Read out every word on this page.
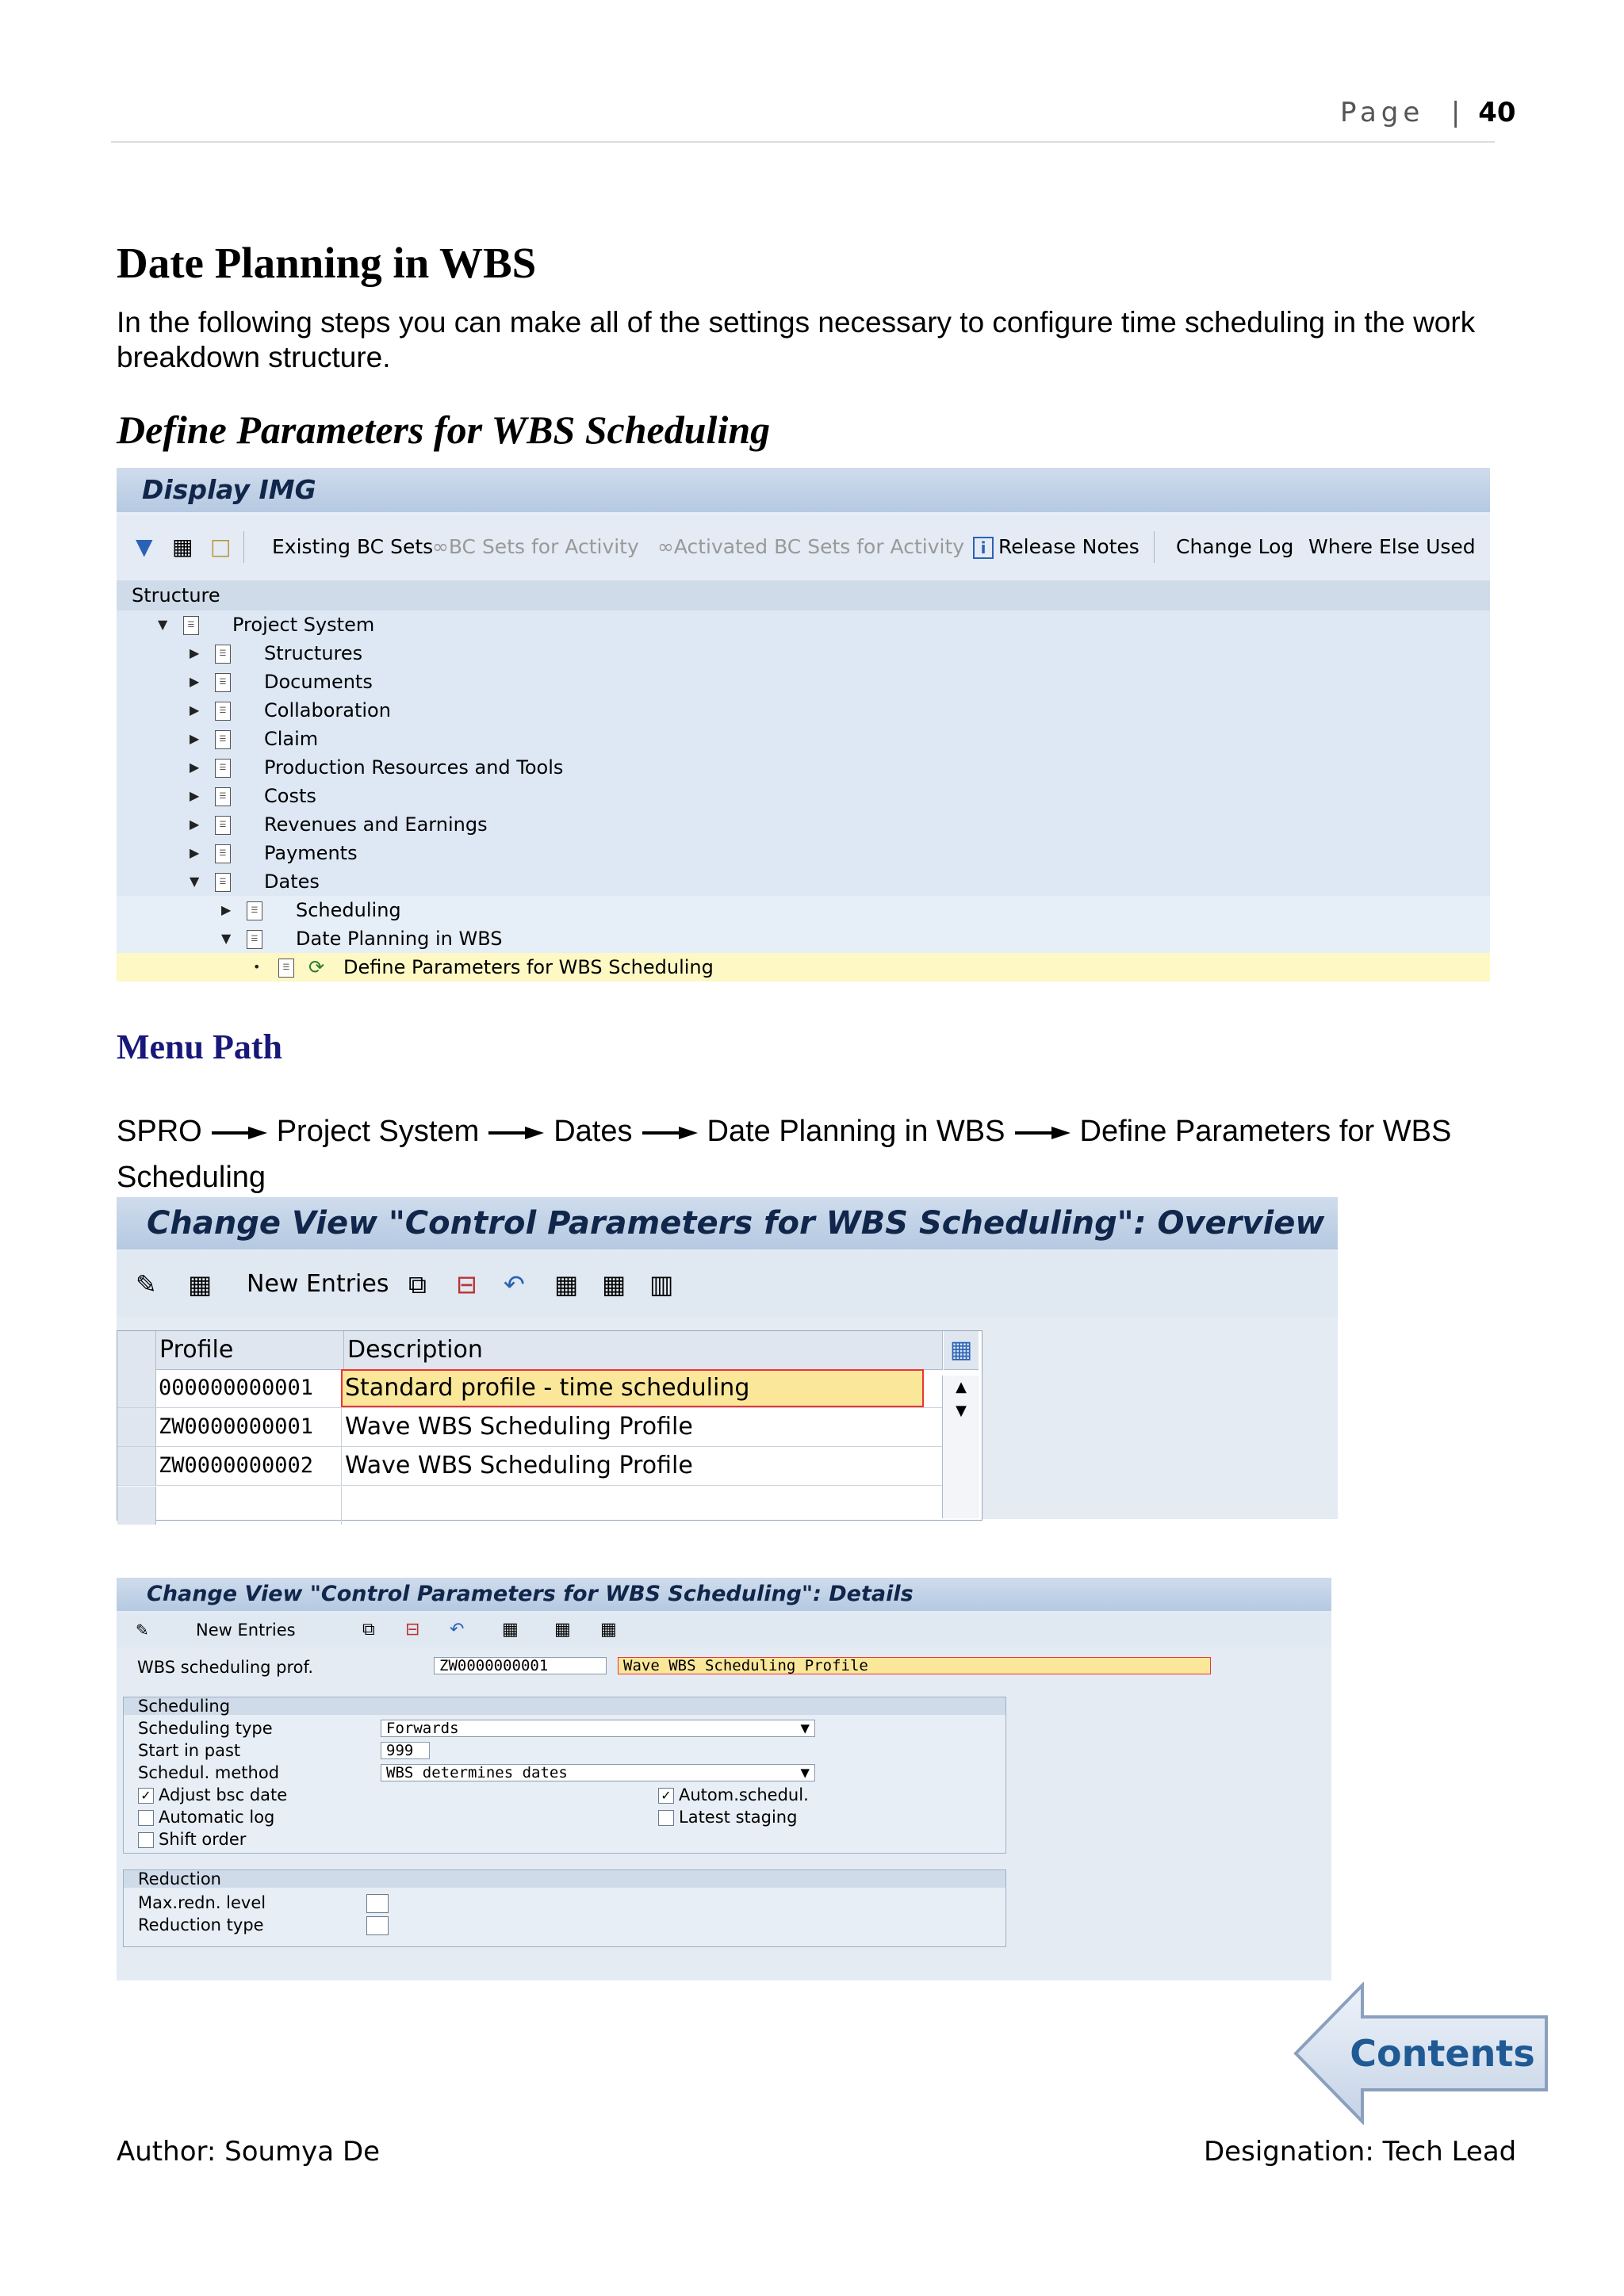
Page  | 40
Date Planning in WBS
In the following steps you can make all of the settings necessary to configure time scheduling in the work breakdown structure.
Define Parameters for WBS Scheduling
Display IMG
▼ ▦ □ Existing BC Sets
∞BC Sets for Activity ∞Activated BC Sets for Activity	i Release Notes Change Log Where Else Used
Structure
▼	☰ Project System
▶	☰ Structures
▶	☰ Documents
▶	☰ Collaboration
▶	☰ Claim
▶	☰ Production Resources and Tools
▶	☰ Costs
▶	☰ Revenues and Earnings
▶	☰ Payments
▼	☰ Dates
▶	☰ Scheduling
▼	☰ Date Planning in WBS
•	☰ ⟳ Define Parameters for WBS Scheduling
Menu Path
SPRO Project System Dates Date Planning in WBS Define Parameters for WBS Scheduling
Change View "Control Parameters for WBS Scheduling": Overview
✎ ▦ New Entries ⧉ ⊟ ↶ ▦ ▦ ▥
Profile	Description	▦
000000000001 Standard profile - time scheduling
ZW0000000001 Wave WBS Scheduling Profile
ZW0000000002 Wave WBS Scheduling Profile
▲
▼
Change View "Control Parameters for WBS Scheduling": Details
✎	New Entries	⧉ ⊟ ↶ ▦ ▦ ▦
WBS scheduling prof.	ZW0000000001	Wave WBS Scheduling Profile
Scheduling
Scheduling type	Forwards	▼
Start in past	999
Schedul. method	WBS determines dates	▼
✓ Adjust bsc date	✓ Autom.schedul.
Automatic log	Latest staging
Shift order
Reduction
Max.redn. level
Reduction type
Contents
Author: Soumya De	Designation: Tech Lead
